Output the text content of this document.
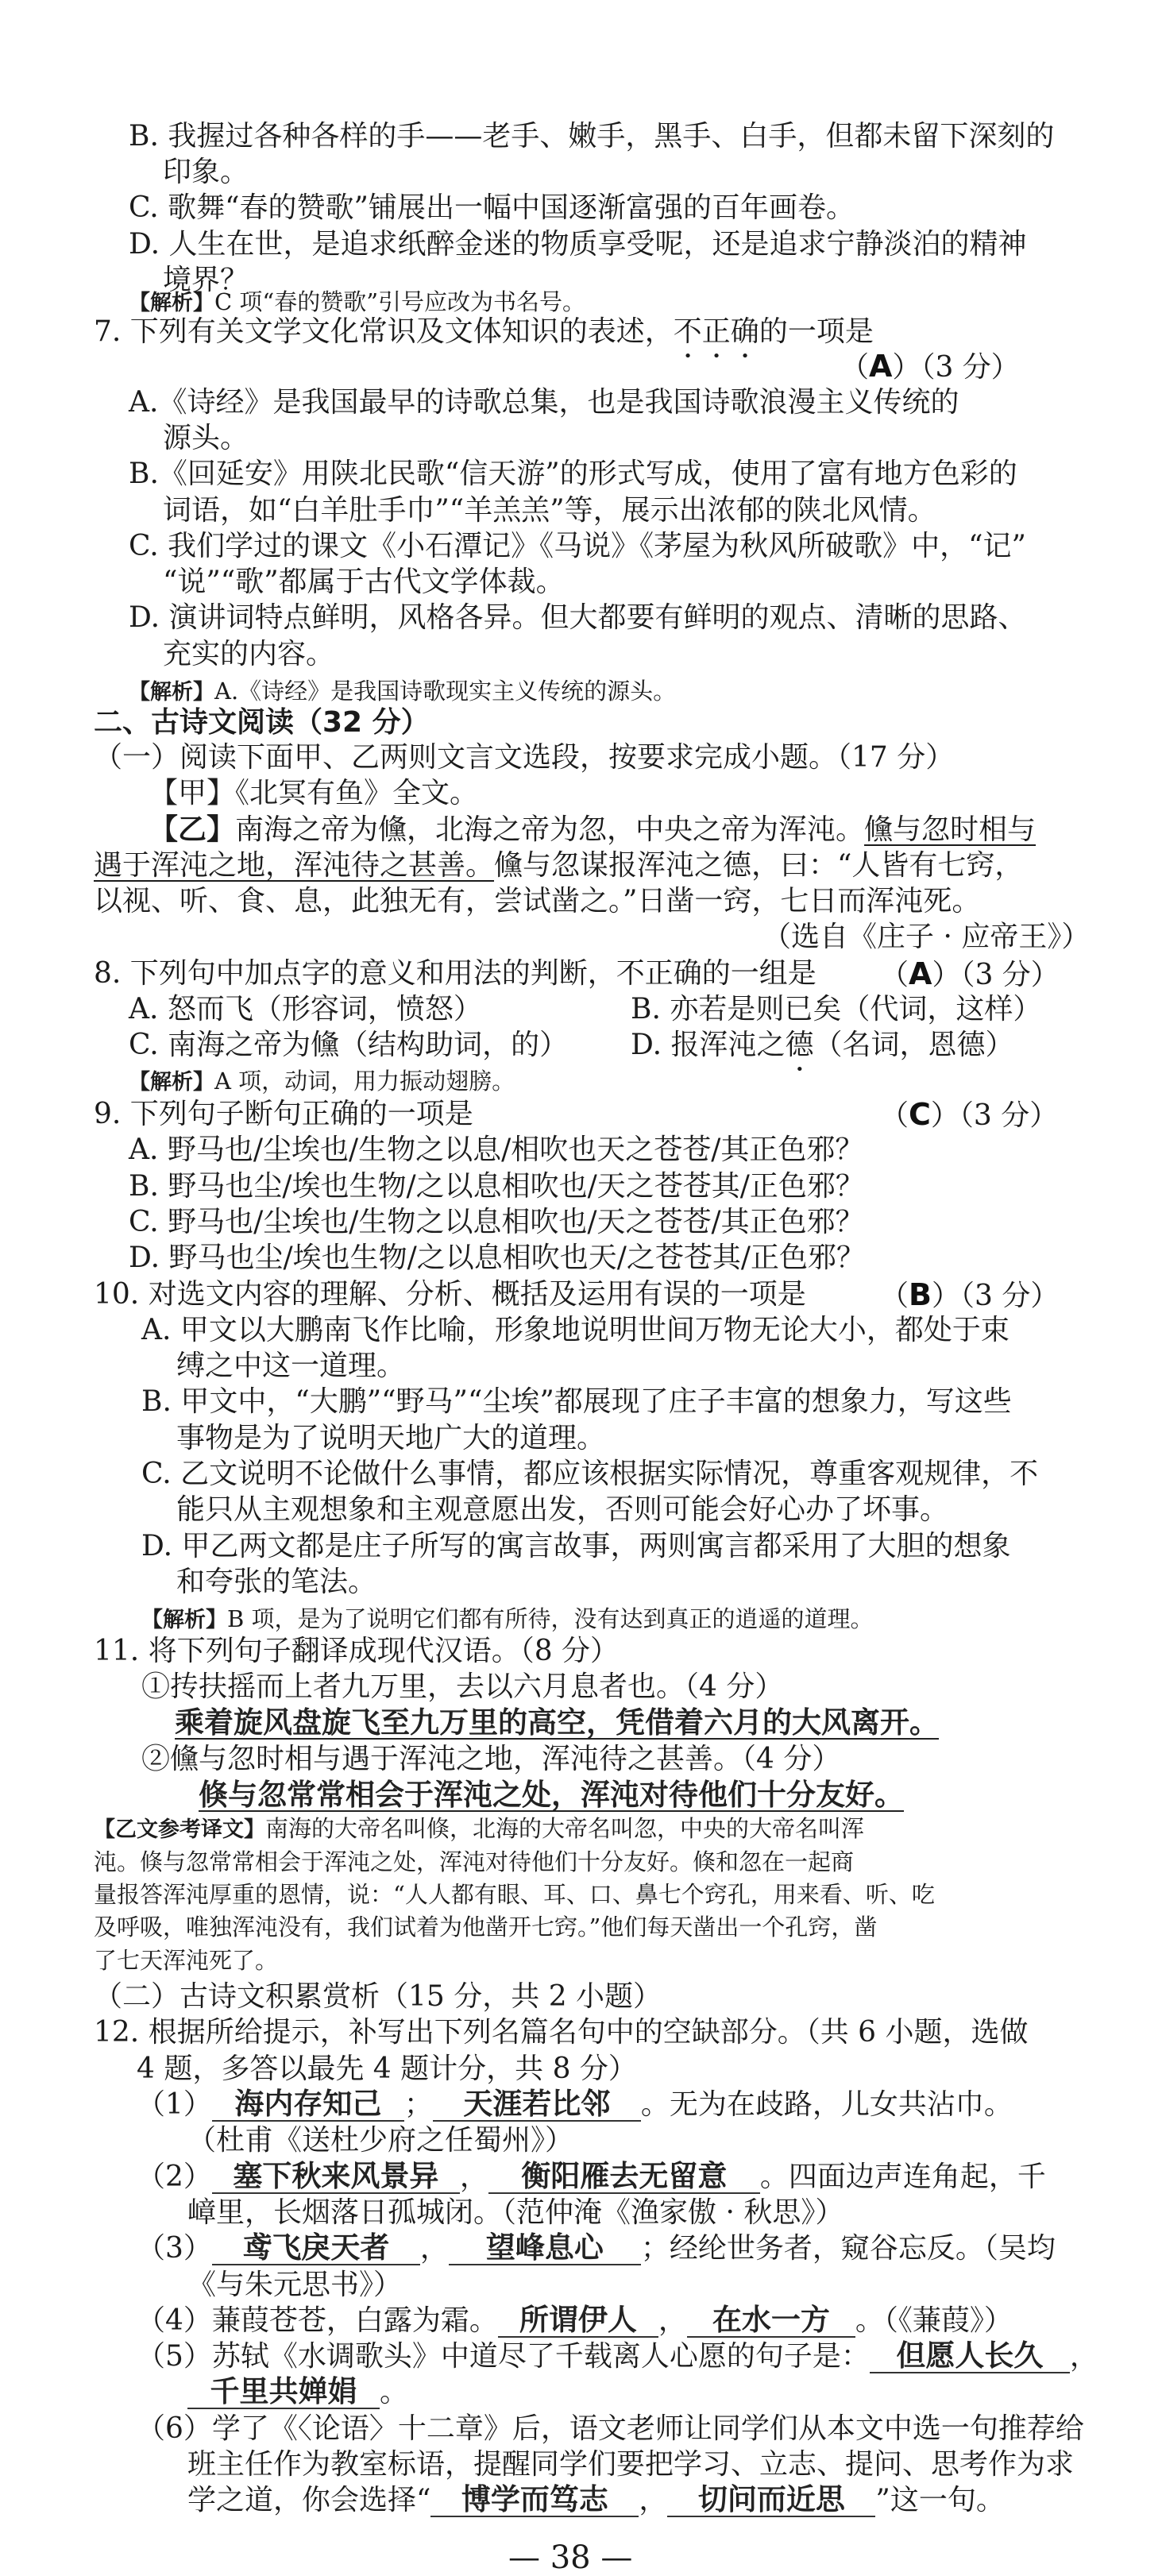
B. 我握过各种各样的手——老手、嫩手，黑手、白手，但都未留下深刻的
印象。
C. 歌舞“春的赞歌”铺展出一幅中国逐渐富强的百年画卷。
D. 人生在世，是追求纸醉金迷的物质享受呢，还是追求宁静淡泊的精神
境界？
【解析】C 项“春的赞歌”引号应改为书名号。
7. 下列有关文学文化常识及文体知识的表述，不正确的一项是
（A）（3 分）
A.《诗经》是我国最早的诗歌总集，也是我国诗歌浪漫主义传统的
源头。
B.《回延安》用陕北民歌“信天游”的形式写成，使用了富有地方色彩的
词语，如“白羊肚手巾”“羊羔羔”等，展示出浓郁的陕北风情。
C. 我们学过的课文《小石潭记》《马说》《茅屋为秋风所破歌》中，“记”
“说”“歌”都属于古代文学体裁。
D. 演讲词特点鲜明，风格各异。但大都要有鲜明的观点、清晰的思路、
充实的内容。
【解析】A.《诗经》是我国诗歌现实主义传统的源头。
二、古诗文阅读（32 分）
（一）阅读下面甲、乙两则文言文选段，按要求完成小题。（17 分）
【甲】《北冥有鱼》全文。
【乙】南海之帝为儵，北海之帝为忽，中央之帝为浑沌。儵与忽时相与
遇于浑沌之地，浑沌待之甚善。儵与忽谋报浑沌之德，曰：“人皆有七窍，
以视、听、食、息，此独无有，尝试凿之。”日凿一窍，七日而浑沌死。
（选自《庄子 · 应帝王》）
8. 下列句中加点字的意义和用法的判断，不正确的一组是 （A）（3 分）
A. 怒而飞（形容词，愤怒）	B. 亦若是则已矣（代词，这样）
C. 南海之帝为儵（结构助词，的） D. 报浑沌之德（名词，恩德）
【解析】A 项，动词，用力振动翅膀。
9. 下列句子断句正确的一项是	（C）（3 分）
A. 野马也/尘埃也/生物之以息/相吹也天之苍苍/其正色邪？
B. 野马也尘/埃也生物/之以息相吹也/天之苍苍其/正色邪？
C. 野马也/尘埃也/生物之以息相吹也/天之苍苍/其正色邪？
D. 野马也尘/埃也生物/之以息相吹也天/之苍苍其/正色邪？
10. 对选文内容的理解、分析、概括及运用有误的一项是	（B）（3 分）
A. 甲文以大鹏南飞作比喻，形象地说明世间万物无论大小，都处于束
缚之中这一道理。
B. 甲文中，“大鹏”“野马”“尘埃”都展现了庄子丰富的想象力，写这些
事物是为了说明天地广大的道理。
C. 乙文说明不论做什么事情，都应该根据实际情况，尊重客观规律，不
能只从主观想象和主观意愿出发，否则可能会好心办了坏事。
D. 甲乙两文都是庄子所写的寓言故事，两则寓言都采用了大胆的想象
和夸张的笔法。
【解析】B 项，是为了说明它们都有所待，没有达到真正的逍遥的道理。
11. 将下列句子翻译成现代汉语。（8 分）
①抟扶摇而上者九万里，去以六月息者也。（4 分）
乘着旋风盘旋飞至九万里的高空，凭借着六月的大风离开。
②儵与忽时相与遇于浑沌之地，浑沌待之甚善。（4 分）
倏与忽常常相会于浑沌之处，浑沌对待他们十分友好。
【乙文参考译文】南海的大帝名叫倏，北海的大帝名叫忽，中央的大帝名叫浑
沌。倏与忽常常相会于浑沌之处，浑沌对待他们十分友好。倏和忽在一起商
量报答浑沌厚重的恩情，说：“人人都有眼、耳、口、鼻七个窍孔，用来看、听、吃
及呼吸，唯独浑沌没有，我们试着为他凿开七窍。”他们每天凿出一个孔窍，凿
了七天浑沌死了。
（二）古诗文积累赏析（15 分，共 2 小题）
12. 根据所给提示，补写出下列名篇名句中的空缺部分。（共 6 小题，选做
4 题，多答以最先 4 题计分，共 8 分）
（1） 海内存知己 ； 天涯若比邻 。无为在歧路，儿女共沾巾。
（杜甫《送杜少府之任蜀州》）
（2） 塞下秋来风景异 ， 衡阳雁去无留意 。四面边声连角起，千
嶂里，长烟落日孤城闭。（范仲淹《渔家傲 · 秋思》）
（3） 鸢飞戾天者 ， 望峰息心 ；经纶世务者，窥谷忘反。（吴均
《与朱元思书》）
（4）蒹葭苍苍，白露为霜。 所谓伊人 ， 在水一方 。（《蒹葭》）
（5）苏轼《水调歌头》中道尽了千载离人心愿的句子是： 但愿人长久 ，
千里共婵娟 。
（6）学了《〈论语〉十二章》后，语文老师让同学们从本文中选一句推荐给
班主任作为教室标语，提醒同学们要把学习、立志、提问、思考作为求
学之道，你会选择“ 博学而笃志 ， 切问而近思 ”这一句。
— 38 —
